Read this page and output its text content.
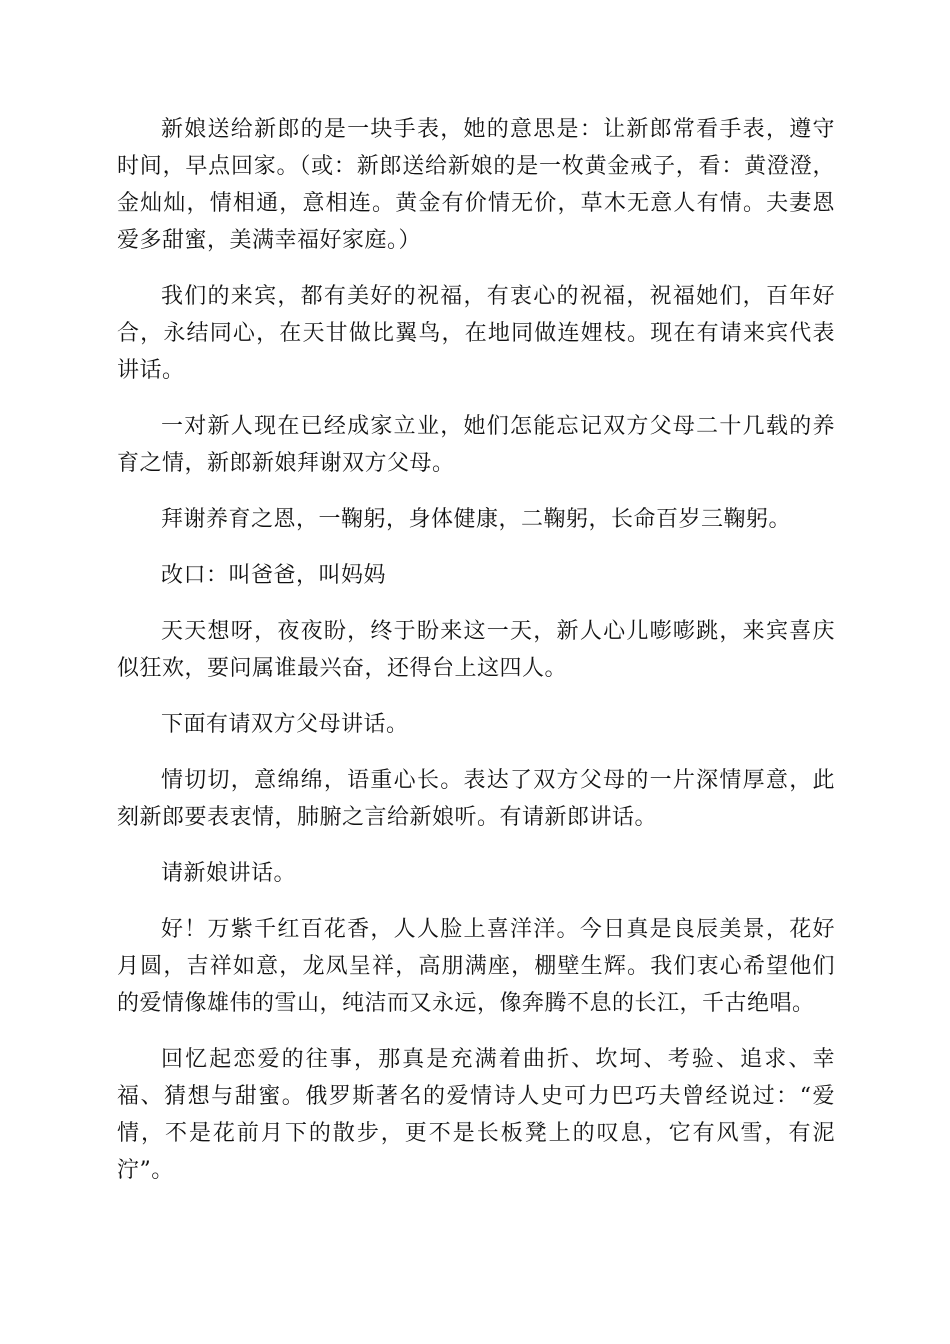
新娘送给新郎的是一块手表，她的意思是：让新郎常看手表，遵守时间，早点回家。（或：新郎送给新娘的是一枚黄金戒子，看：黄澄澄，金灿灿，情相通，意相连。黄金有价情无价，草木无意人有情。夫妻恩爱多甜蜜，美满幸福好家庭。）

我们的来宾，都有美好的祝福，有衷心的祝福，祝福她们，百年好合，永结同心，在天甘做比翼鸟，在地同做连娌枝。现在有请来宾代表讲话。

一对新人现在已经成家立业，她们怎能忘记双方父母二十几载的养育之情，新郎新娘拜谢双方父母。

拜谢养育之恩，一鞠躬，身体健康，二鞠躬，长命百岁三鞠躬。

改口：叫爸爸，叫妈妈

天天想呀，夜夜盼，终于盼来这一天，新人心儿嘭嘭跳，来宾喜庆似狂欢，要问属谁最兴奋，还得台上这四人。

下面有请双方父母讲话。

情切切，意绵绵，语重心长。表达了双方父母的一片深情厚意，此刻新郎要表衷情，肺腑之言给新娘听。有请新郎讲话。

请新娘讲话。

好！万紫千红百花香，人人脸上喜洋洋。今日真是良辰美景，花好月圆，吉祥如意，龙凤呈祥，高朋满座，棚壁生辉。我们衷心希望他们的爱情像雄伟的雪山，纯洁而又永远，像奔腾不息的长江，千古绝唱。

回忆起恋爱的往事，那真是充满着曲折、坎坷、考验、追求、幸福、猜想与甜蜜。俄罗斯著名的爱情诗人史可力巴巧夫曾经说过：“爱情，不是花前月下的散步，更不是长板凳上的叹息，它有风雪，有泥泞”。
